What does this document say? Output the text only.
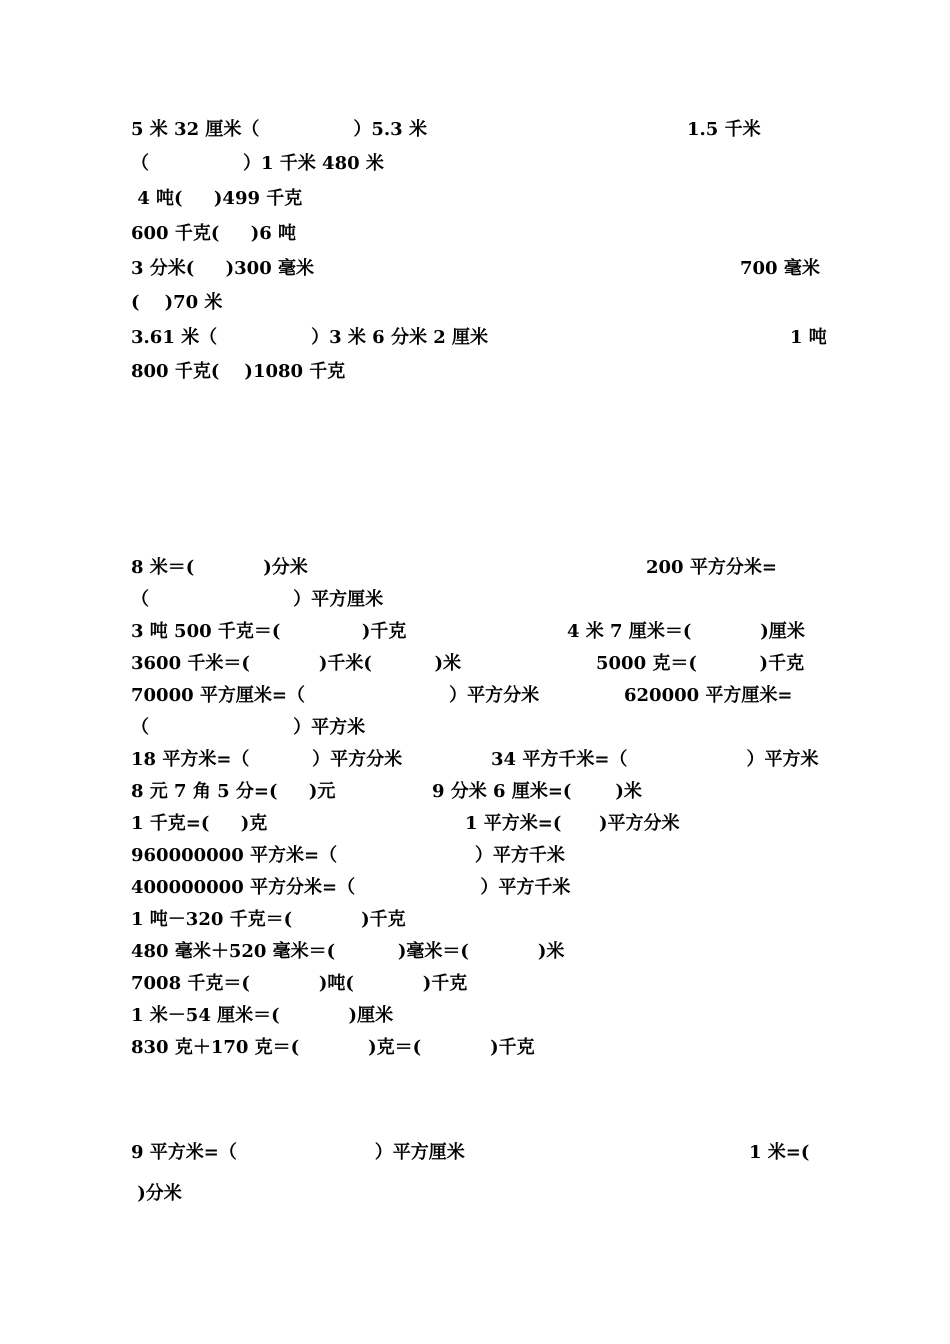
5 米 32 厘米（               ）5.3 米	1.5 千米
（               ）1 千米 480 米
4 吨(     )499 千克
600 千克(     )6 吨
3 分米(     )300 毫米	700 毫米
(    )70 米
3.61 米（               ）3 米 6 分米 2 厘米	1 吨
800 千克(    )1080 千克
8 米＝(           )分米	200 平方分米=
（                       ）平方厘米
3 吨 500 千克＝(             )千克	4 米 7 厘米＝(           )厘米
3600 千米＝(           )千米(          )米	5000 克＝(          )千克
70000 平方厘米=（                       ）平方分米	620000 平方厘米=
（                       ）平方米
18 平方米=（          ）平方分米	34 平方千米=（                   ）平方米
8 元 7 角 5 分=(     )元	9 分米 6 厘米=(       )米
1 千克=(     )克	1 平方米=(      )平方分米
960000000 平方米=（                      ）平方千米
400000000 平方分米=（                    ）平方千米
1 吨－320 千克＝(           )千克
480 毫米＋520 毫米＝(          )毫米＝(           )米
7008 千克＝(           )吨(           )千克
1 米－54 厘米＝(           )厘米
830 克＋170 克＝(           )克＝(           )千克
9 平方米=（                      ）平方厘米	1 米=(
)分米
